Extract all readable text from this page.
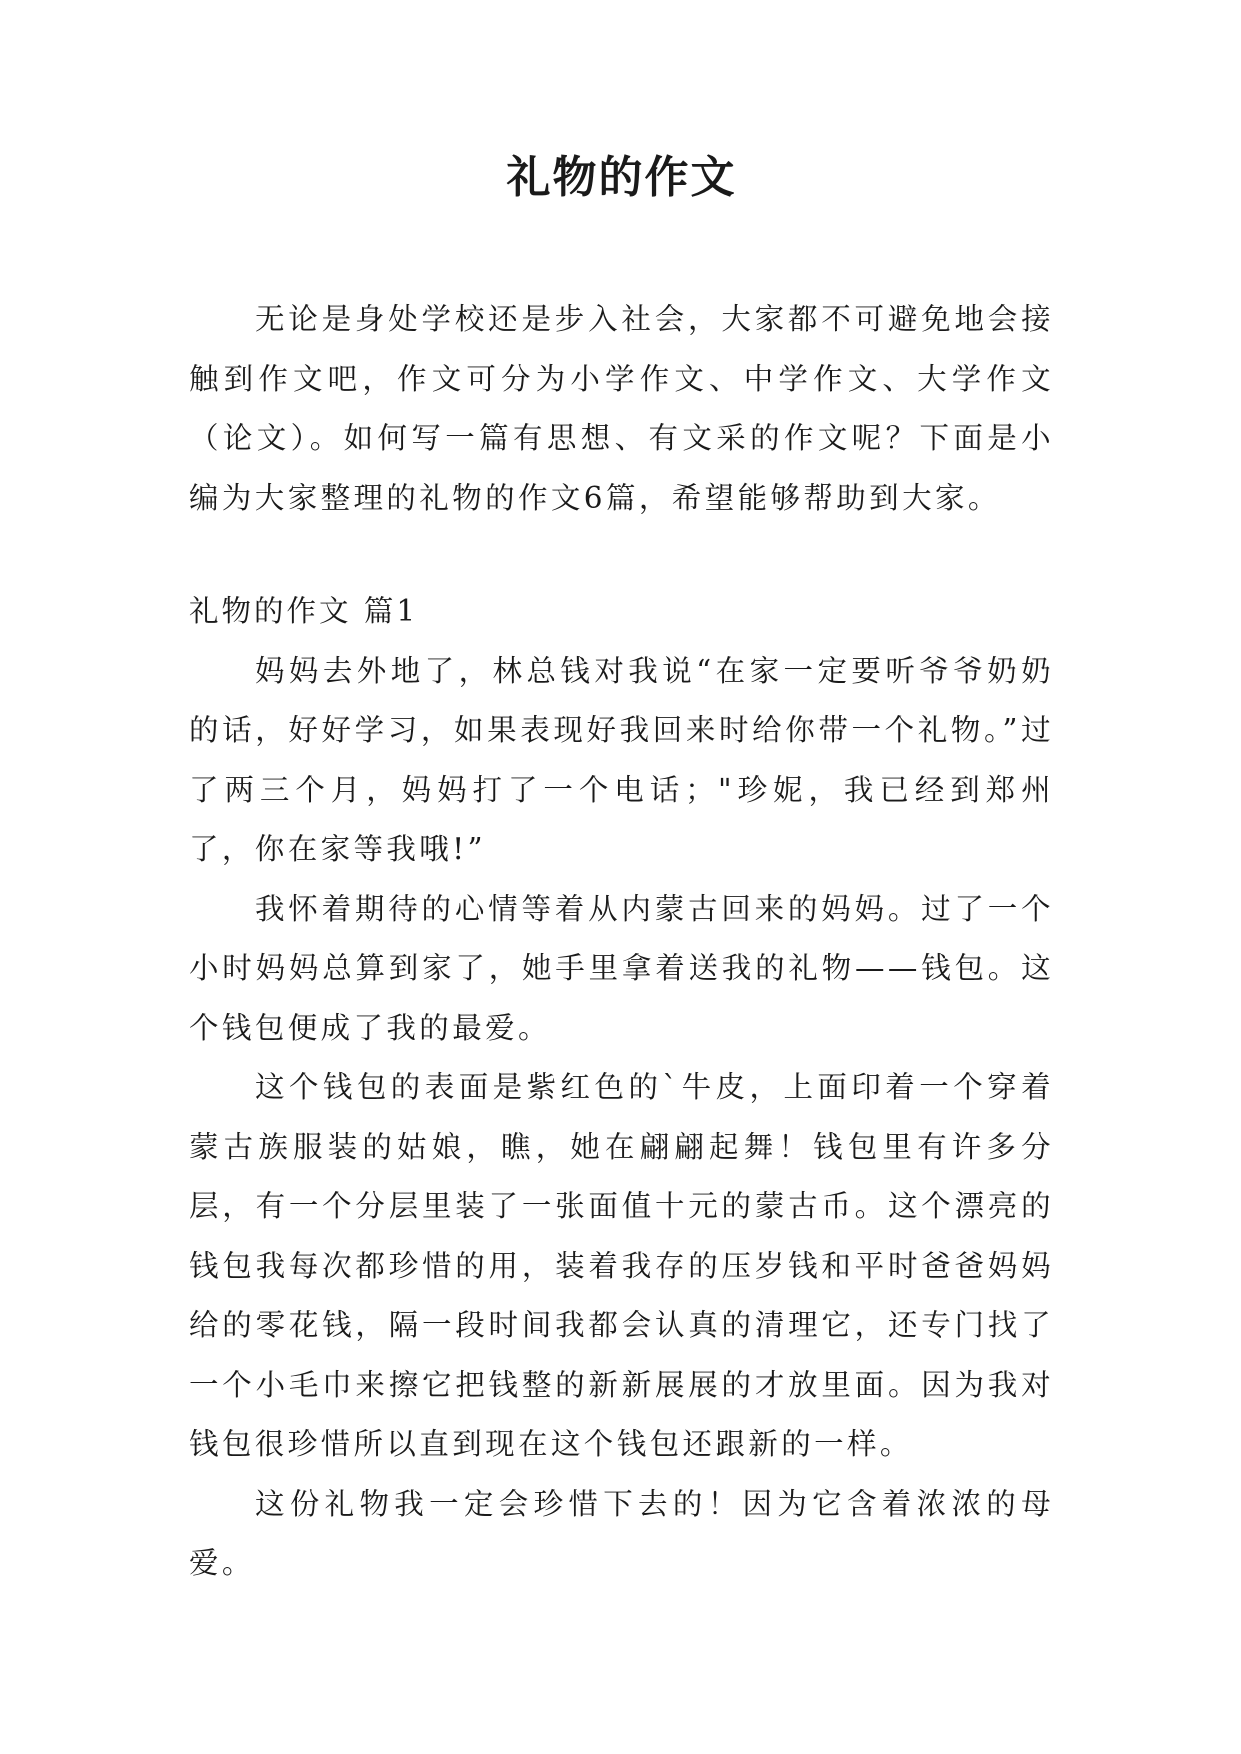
礼物的作文

无论是身处学校还是步入社会，大家都不可避免地会接触到作文吧，作文可分为小学作文、中学作文、大学作文（论文）。如何写一篇有思想、有文采的作文呢？下面是小编为大家整理的礼物的作文6篇，希望能够帮助到大家。

礼物的作文 篇1

妈妈去外地了，林总钱对我说“在家一定要听爷爷奶奶的话，好好学习，如果表现好我回来时给你带一个礼物。”过了两三个月，妈妈打了一个电话；"珍妮，我已经到郑州了，你在家等我哦!”

我怀着期待的心情等着从内蒙古回来的妈妈。过了一个小时妈妈总算到家了，她手里拿着送我的礼物——钱包。这个钱包便成了我的最爱。

这个钱包的表面是紫红色的`牛皮，上面印着一个穿着蒙古族服装的姑娘，瞧，她在翩翩起舞！钱包里有许多分层，有一个分层里装了一张面值十元的蒙古币。这个漂亮的钱包我每次都珍惜的用，装着我存的压岁钱和平时爸爸妈妈给的零花钱，隔一段时间我都会认真的清理它，还专门找了一个小毛巾来擦它把钱整的新新展展的才放里面。因为我对钱包很珍惜所以直到现在这个钱包还跟新的一样。

这份礼物我一定会珍惜下去的！因为它含着浓浓的母爱。
